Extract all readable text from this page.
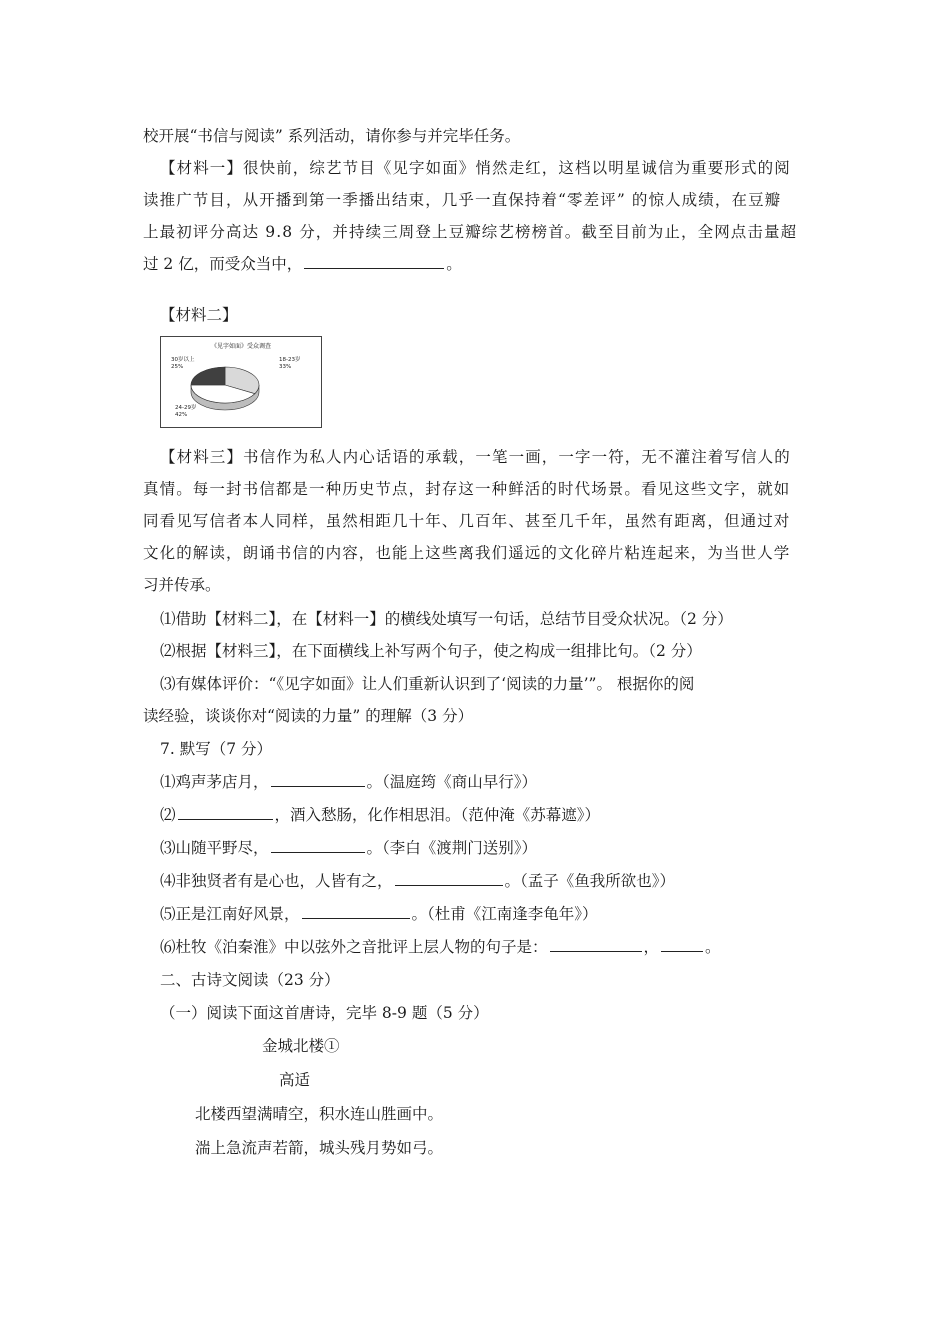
校开展“书信与阅读” 系列活动，请你参与并完毕任务。
【材料一】很快前，综艺节目《见字如面》悄然走红，这档以明星诚信为重要形式的阅
读推广节目，从开播到第一季播出结束，几乎一直保持着“零差评” 的惊人成绩，在豆瓣
上最初评分高达 9.8 分，并持续三周登上豆瓣综艺榜榜首。截至目前为止，全网点击量超
过 2 亿，而受众当中，	。
【材料二】
《见字如面》受众调查
18-23岁
33%
24-29岁
42%
30岁以上
25%
【材料三】书信作为私人内心话语的承载，一笔一画，一字一符，无不灌注着写信人的
真情。每一封书信都是一种历史节点，封存这一种鲜活的时代场景。看见这些文字，就如
同看见写信者本人同样，虽然相距几十年、几百年、甚至几千年，虽然有距离，但通过对
文化的解读，朗诵书信的内容，也能上这些离我们遥远的文化碎片粘连起来，为当世人学
习并传承。
⑴借助【材料二】，在【材料一】的横线处填写一句话，总结节目受众状况。（2 分）
⑵根据【材料三】，在下面横线上补写两个句子，使之构成一组排比句。（2 分）
⑶有媒体评价：“《见字如面》让人们重新认识到了‘阅读的力量’”。 根据你的阅
读经验，谈谈你对“阅读的力量” 的理解（3 分）
7. 默写（7 分）
⑴鸡声茅店月，	。（温庭筠《商山早行》）
⑵	，酒入愁肠，化作相思泪。（范仲淹《苏幕遮》）
⑶山随平野尽，	。（李白《渡荆门送别》）
⑷非独贤者有是心也，人皆有之，	。（孟子《鱼我所欲也》）
⑸正是江南好风景，	。（杜甫《江南逢李龟年》）
⑹杜牧《泊秦淮》中以弦外之音批评上层人物的句子是：	，	。
二、古诗文阅读（23 分）
（一）阅读下面这首唐诗，完毕 8-9 题（5 分）
金城北楼①
高适
北楼西望满晴空，积水连山胜画中。
湍上急流声若箭，城头残月势如弓。
